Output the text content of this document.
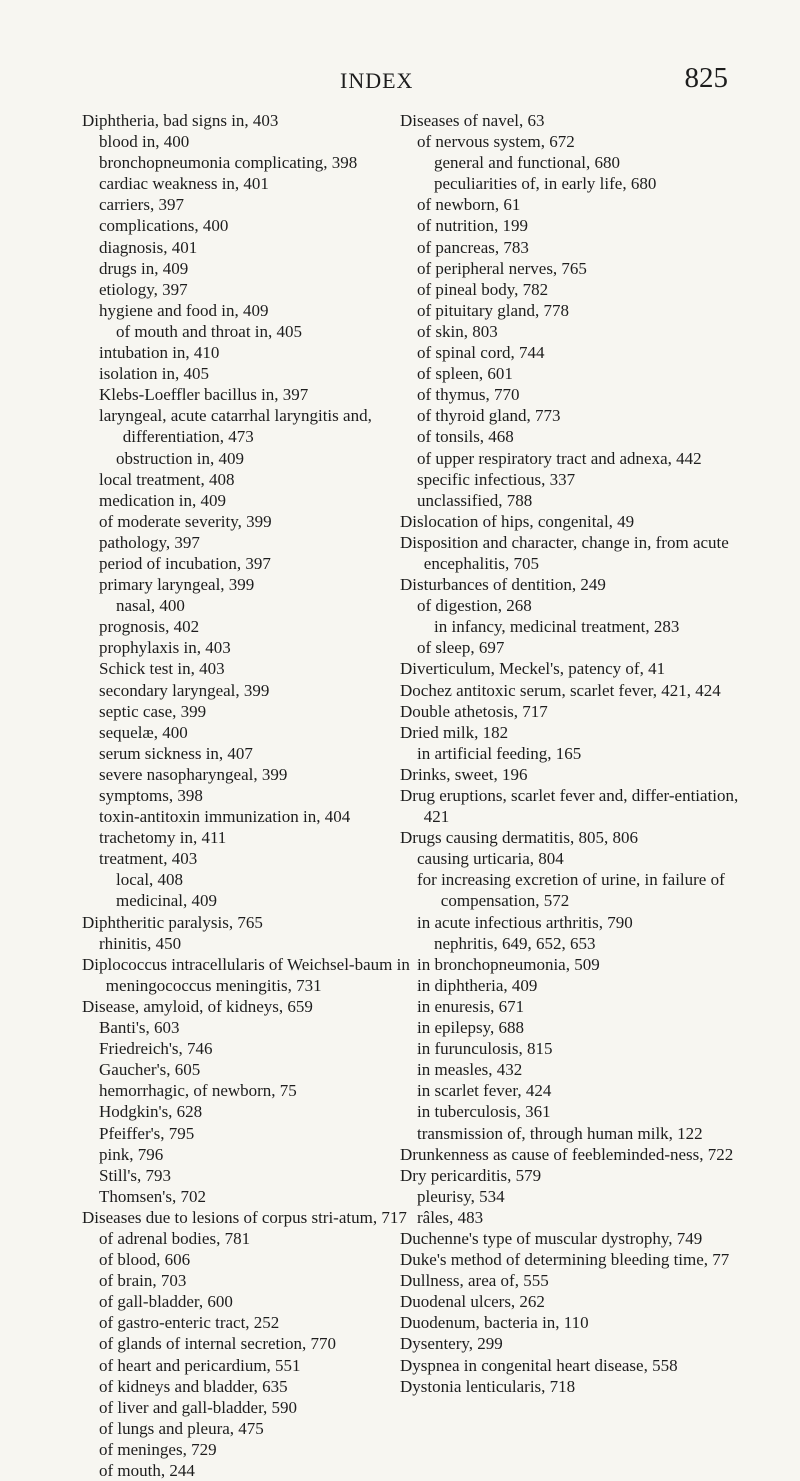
INDEX	825
Diphtheria, bad signs in, 403
blood in, 400
bronchopneumonia complicating, 398
cardiac weakness in, 401
carriers, 397
complications, 400
diagnosis, 401
drugs in, 409
etiology, 397
hygiene and food in, 409
of mouth and throat in, 405
intubation in, 410
isolation in, 405
Klebs-Loeffler bacillus in, 397
laryngeal, acute catarrhal laryngitis and, differentiation, 473
obstruction in, 409
local treatment, 408
medication in, 409
of moderate severity, 399
pathology, 397
period of incubation, 397
primary laryngeal, 399
nasal, 400
prognosis, 402
prophylaxis in, 403
Schick test in, 403
secondary laryngeal, 399
septic case, 399
sequelæ, 400
serum sickness in, 407
severe nasopharyngeal, 399
symptoms, 398
toxin-antitoxin immunization in, 404
trachetomy in, 411
treatment, 403
local, 408
medicinal, 409
Diphtheritic paralysis, 765
rhinitis, 450
Diplococcus intracellularis of Weichsel-baum in meningococcus meningitis, 731
Disease, amyloid, of kidneys, 659
Banti's, 603
Friedreich's, 746
Gaucher's, 605
hemorrhagic, of newborn, 75
Hodgkin's, 628
Pfeiffer's, 795
pink, 796
Still's, 793
Thomsen's, 702
Diseases due to lesions of corpus stri-atum, 717
of adrenal bodies, 781
of blood, 606
of brain, 703
of gall-bladder, 600
of gastro-enteric tract, 252
of glands of internal secretion, 770
of heart and pericardium, 551
of kidneys and bladder, 635
of liver and gall-bladder, 590
of lungs and pleura, 475
of meninges, 729
of mouth, 244
Diseases of navel, 63
of nervous system, 672
general and functional, 680
peculiarities of, in early life, 680
of newborn, 61
of nutrition, 199
of pancreas, 783
of peripheral nerves, 765
of pineal body, 782
of pituitary gland, 778
of skin, 803
of spinal cord, 744
of spleen, 601
of thymus, 770
of thyroid gland, 773
of tonsils, 468
of upper respiratory tract and adnexa, 442
specific infectious, 337
unclassified, 788
Dislocation of hips, congenital, 49
Disposition and character, change in, from acute encephalitis, 705
Disturbances of dentition, 249
of digestion, 268
in infancy, medicinal treatment, 283
of sleep, 697
Diverticulum, Meckel's, patency of, 41
Dochez antitoxic serum, scarlet fever, 421, 424
Double athetosis, 717
Dried milk, 182
in artificial feeding, 165
Drinks, sweet, 196
Drug eruptions, scarlet fever and, differ-entiation, 421
Drugs causing dermatitis, 805, 806
causing urticaria, 804
for increasing excretion of urine, in failure of compensation, 572
in acute infectious arthritis, 790
nephritis, 649, 652, 653
in bronchopneumonia, 509
in diphtheria, 409
in enuresis, 671
in epilepsy, 688
in furunculosis, 815
in measles, 432
in scarlet fever, 424
in tuberculosis, 361
transmission of, through human milk, 122
Drunkenness as cause of feebleminded-ness, 722
Dry pericarditis, 579
pleurisy, 534
râles, 483
Duchenne's type of muscular dystrophy, 749
Duke's method of determining bleeding time, 77
Dullness, area of, 555
Duodenal ulcers, 262
Duodenum, bacteria in, 110
Dysentery, 299
Dyspnea in congenital heart disease, 558
Dystonia lenticularis, 718
